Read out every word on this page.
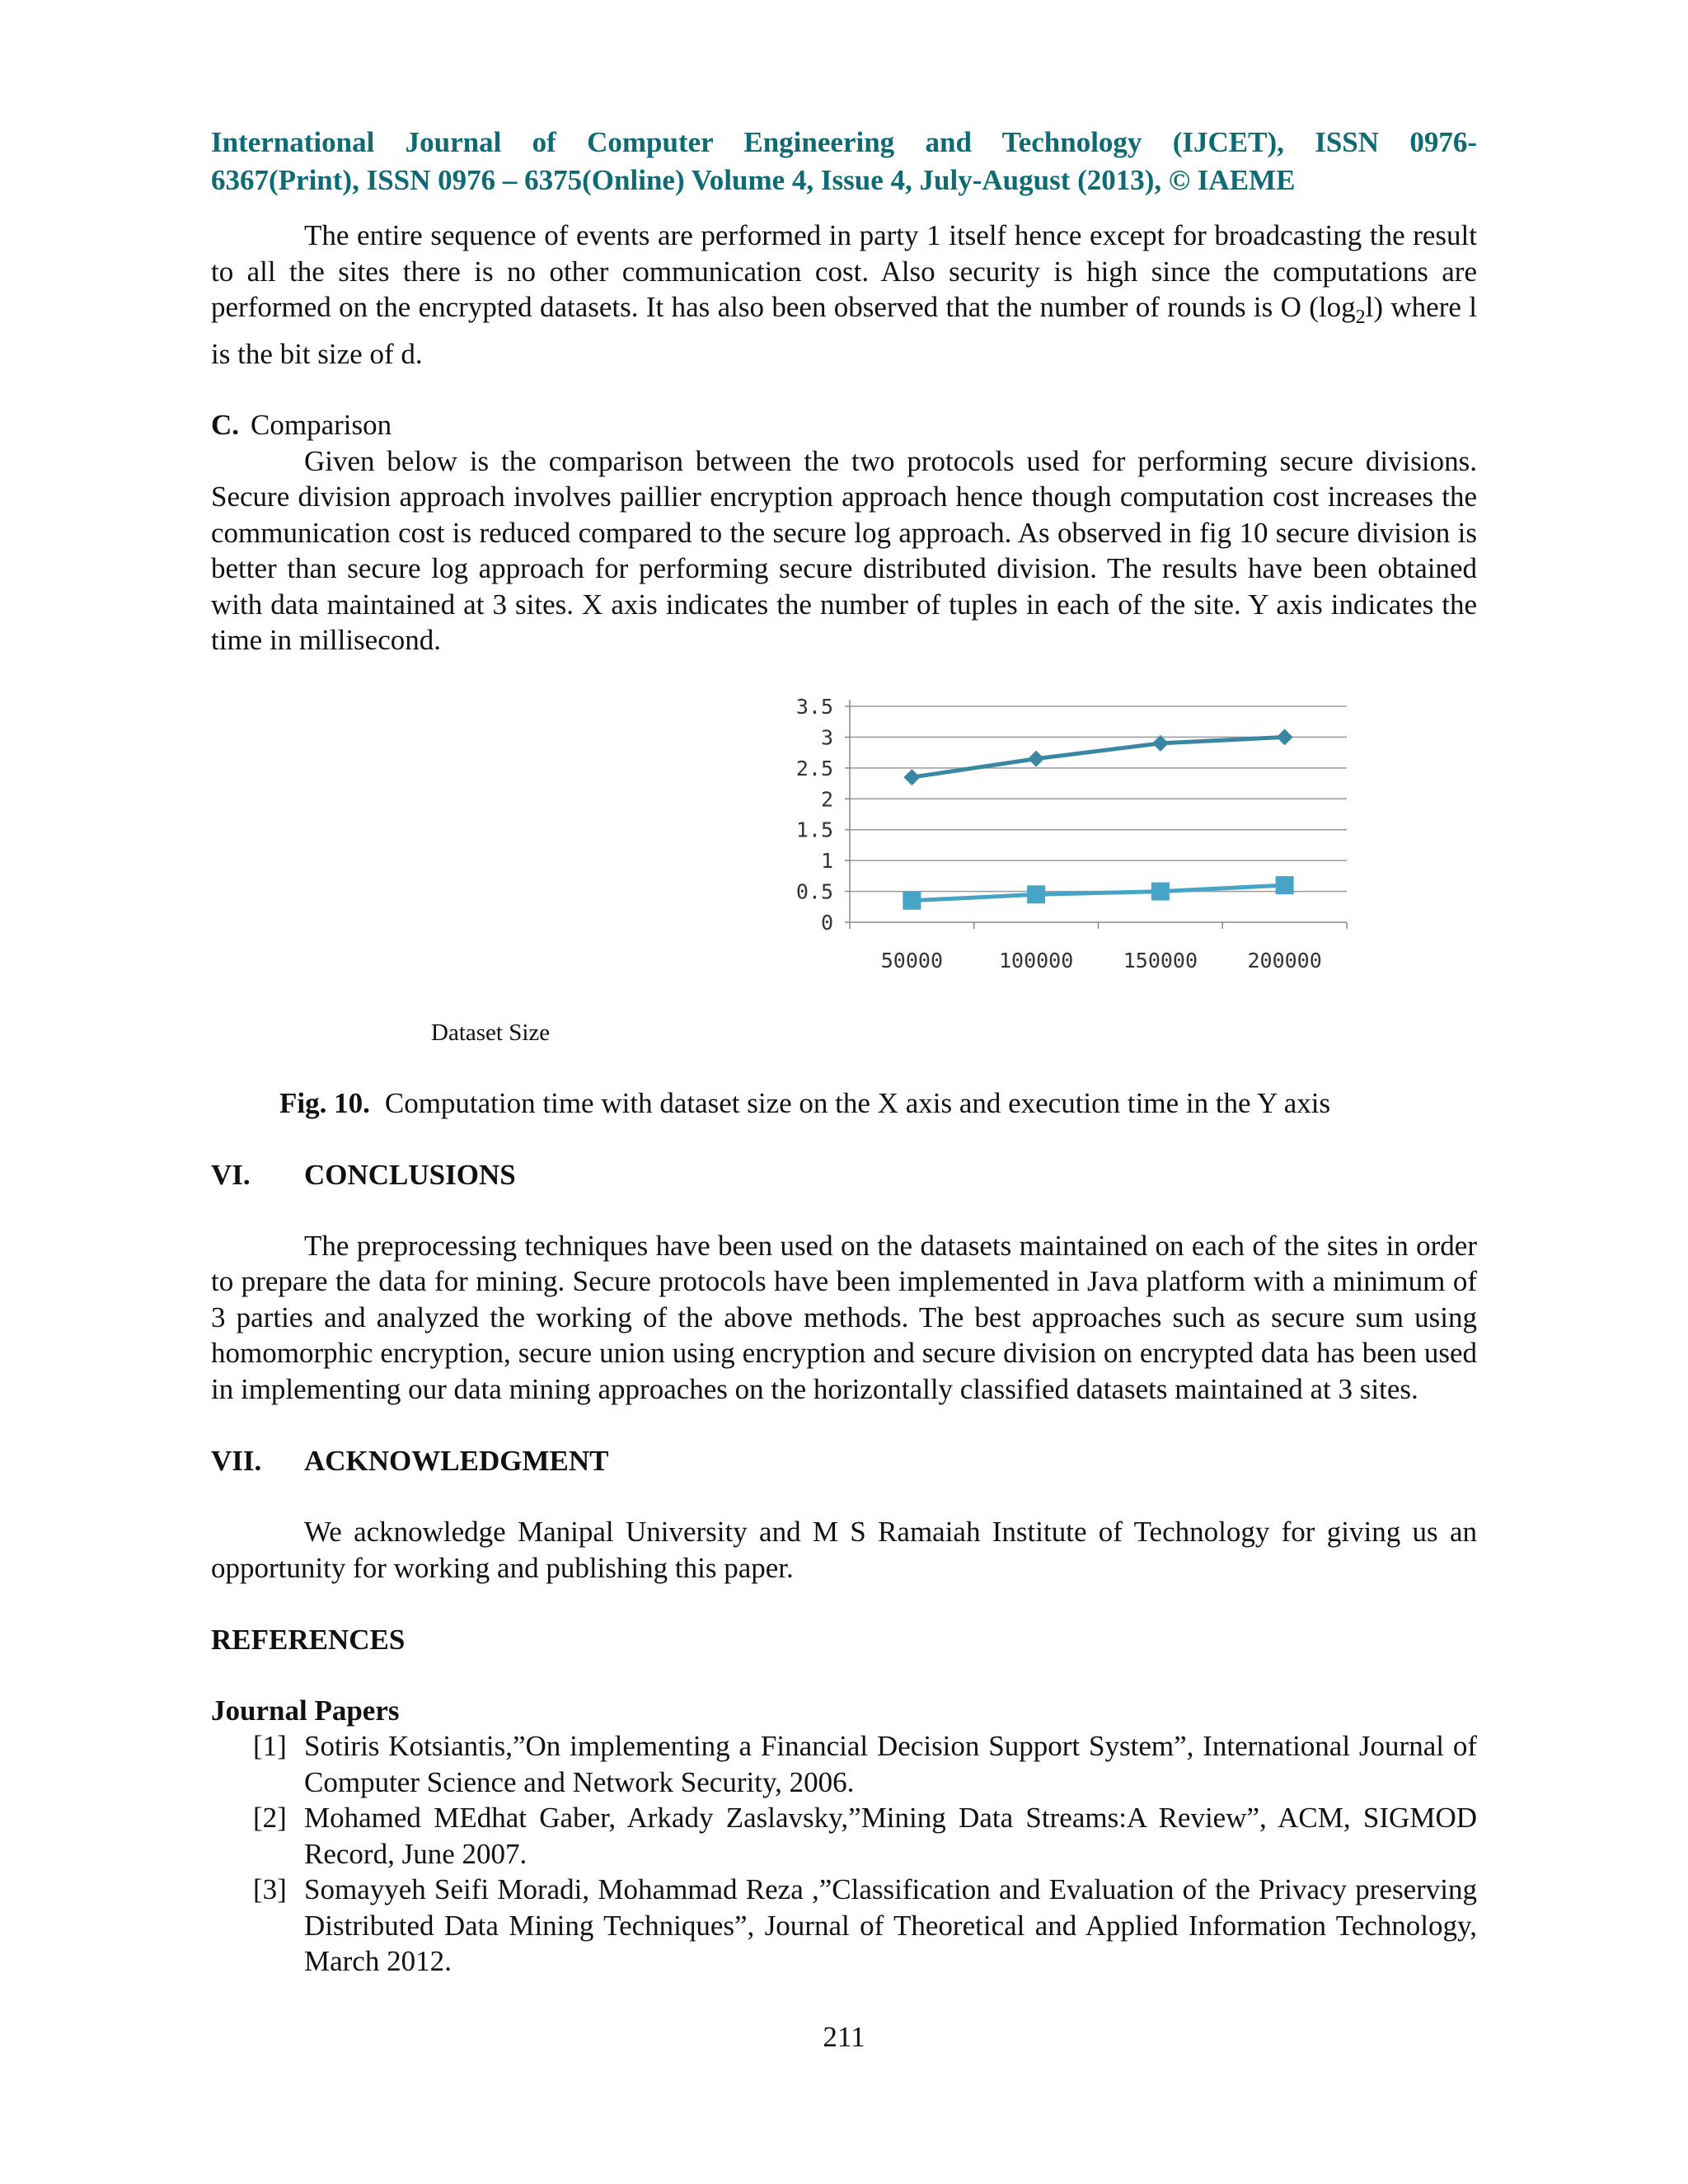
International Journal of Computer Engineering and Technology (IJCET), ISSN 0976-
6367(Print), ISSN 0976 – 6375(Online) Volume 4, Issue 4, July-August (2013), © IAEME

The entire sequence of events are performed in party 1 itself hence except for broadcasting the result to all the sites there is no other communication cost. Also security is high since the computations are performed on the encrypted datasets. It has also been observed that the number of rounds is O $(\log_2l)$ where l is the bit size of d.

C. Comparison

Given below is the comparison between the two protocols used for performing secure divisions. Secure division approach involves paillier encryption approach hence though computation cost increases the communication cost is reduced compared to the secure log approach. As observed in fig 10 secure division is better than secure log approach for performing secure distributed division. The results have been obtained with data maintained at 3 sites. X axis indicates the number of tuples in each of the site. Y axis indicates the time in millisecond.

0
0.5
1
1.5
2
2.5
3
3.5
50000	100000 150000 200000
Dataset Size
Fig. 10. Computation time with dataset size on the X axis and execution time in the Y axis
VI.	CONCLUSIONS

The preprocessing techniques have been used on the datasets maintained on each of the sites in order to prepare the data for mining. Secure protocols have been implemented in Java platform with a minimum of 3 parties and analyzed the working of the above methods. The best approaches such as secure sum using homomorphic encryption, secure union using encryption and secure division on encrypted data has been used in implementing our data mining approaches on the horizontally classified datasets maintained at 3 sites.

VII.	ACKNOWLEDGMENT

We acknowledge Manipal University and M S Ramaiah Institute of Technology for giving us an opportunity for working and publishing this paper.

REFERENCES
Journal Papers
[1] Sotiris Kotsiantis,”On implementing a Financial Decision Support System”, International Journal of Computer Science and Network Security, 2006.
[2] Mohamed MEdhat Gaber, Arkady Zaslavsky,”Mining Data Streams:A Review”, ACM, SIGMOD Record, June 2007.
[3] Somayyeh Seifi Moradi, Mohammad Reza ,”Classification and Evaluation of the Privacy preserving Distributed Data Mining Techniques”, Journal of Theoretical and Applied Information Technology, March 2012.
211
